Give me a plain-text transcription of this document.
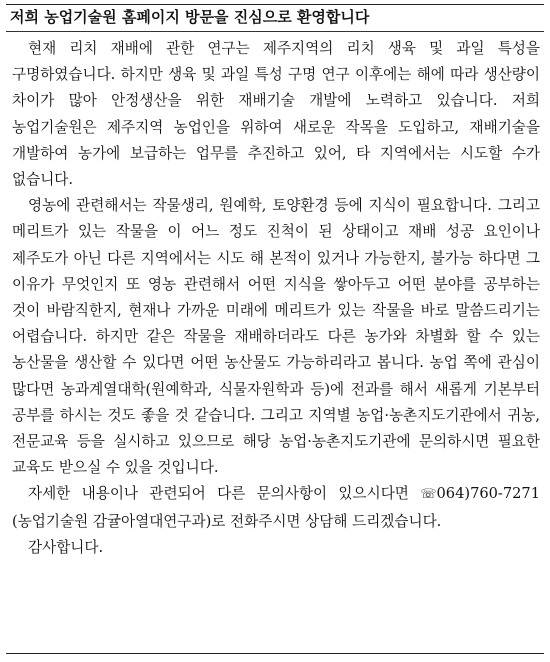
저희 농업기술원 홈페이지 방문을 진심으로 환영합니다

현재 리치 재배에 관한 연구는 제주지역의 리치 생육 및 과일 특성을 구명하였습니다. 하지만 생육 및 과일 특성 구명 연구 이후에는 해에 따라 생산량이 차이가 많아 안정생산을 위한 재배기술 개발에 노력하고 있습니다. 저희 농업기술원은 제주지역 농업인을 위하여 새로운 작목을 도입하고, 재배기술을 개발하여 농가에 보급하는 업무를 추진하고 있어, 타 지역에서는 시도할 수가 없습니다.

영농에 관련해서는 작물생리, 원예학, 토양환경 등에 지식이 필요합니다. 그리고 메리트가 있는 작물을 이 어느 정도 진척이 된 상태이고 재배 성공 요인이나 제주도가 아닌 다른 지역에서는 시도 해 본적이 있거나 가능한지, 불가능 하다면 그 이유가 무엇인지 또 영농 관련해서 어떤 지식을 쌓아두고 어떤 분야를 공부하는 것이 바람직한지, 현재나 가까운 미래에 메리트가 있는 작물을 바로 말씀드리기는 어렵습니다. 하지만 같은 작물을 재배하더라도 다른 농가와 차별화 할 수 있는 농산물을 생산할 수 있다면 어떤 농산물도 가능하리라고 봅니다. 농업 쪽에 관심이 많다면 농과계열대학(원예학과, 식물자원학과 등)에 전과를 해서 새롭게 기본부터 공부를 하시는 것도 좋을 것 같습니다. 그리고 지역별 농업·농촌지도기관에서 귀농, 전문교육 등을 실시하고 있으므로 해당 농업·농촌지도기관에 문의하시면 필요한 교육도 받으실 수 있을 것입니다.

자세한 내용이나 관련되어 다른 문의사항이 있으시다면 ☏064)760-7271 (농업기술원 감귤아열대연구과)로 전화주시면 상담해 드리겠습니다.

감사합니다.
